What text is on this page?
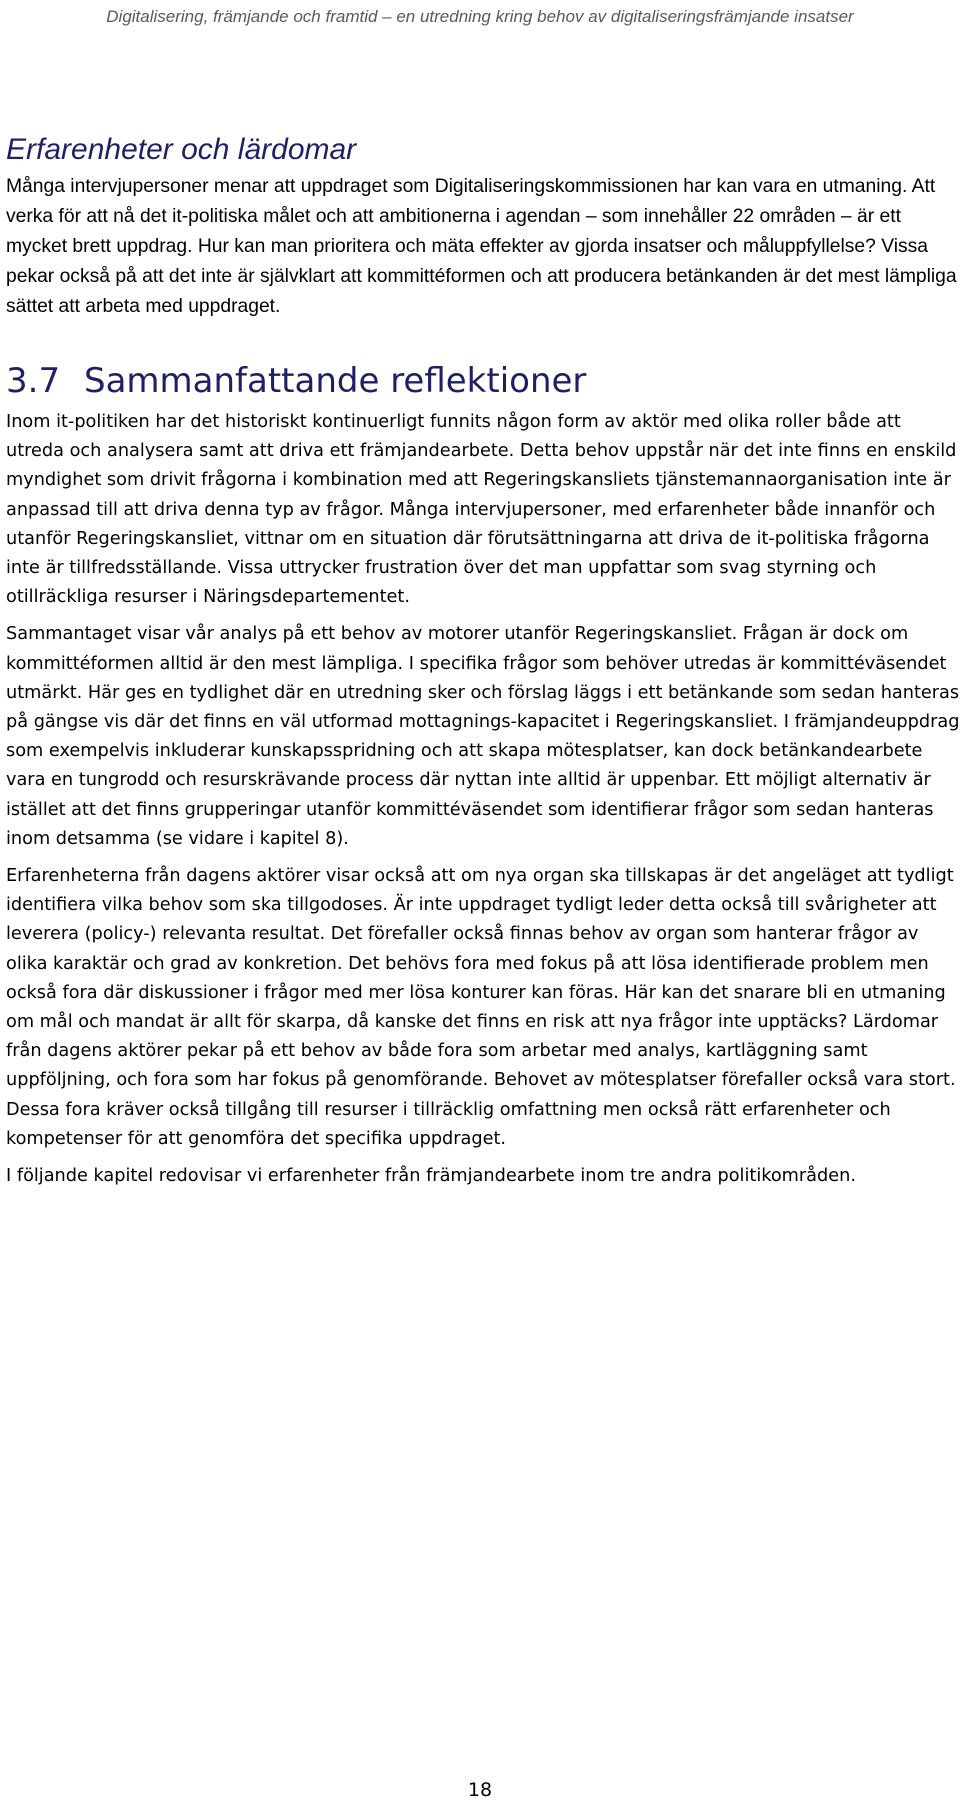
Digitalisering, främjande och framtid – en utredning kring behov av digitaliseringsfrämjande insatser
Erfarenheter och lärdomar

Många intervjupersoner menar att uppdraget som Digitaliseringskommissionen har kan vara en utmaning. Att verka för att nå det it-politiska målet och att ambitionerna i agendan – som innehåller 22 områden – är ett mycket brett uppdrag. Hur kan man prioritera och mäta effekter av gjorda insatser och måluppfyllelse? Vissa pekar också på att det inte är självklart att kommittéformen och att producera betänkanden är det mest lämpliga sättet att arbeta med uppdraget.

3.7 Sammanfattande reflektioner

Inom it-politiken har det historiskt kontinuerligt funnits någon form av aktör med olika roller både att utreda och analysera samt att driva ett främjandearbete. Detta behov uppstår när det inte finns en enskild myndighet som drivit frågorna i kombination med att Regeringskansliets tjänstemannaorganisation inte är anpassad till att driva denna typ av frågor. Många intervjupersoner, med erfarenheter både innanför och utanför Regeringskansliet, vittnar om en situation där förutsättningarna att driva de it-politiska frågorna inte är tillfredsställande. Vissa uttrycker frustration över det man uppfattar som svag styrning och otillräckliga resurser i Näringsdepartementet.

Sammantaget visar vår analys på ett behov av motorer utanför Regeringskansliet. Frågan är dock om kommittéformen alltid är den mest lämpliga. I specifika frågor som behöver utredas är kommittéväsendet utmärkt. Här ges en tydlighet där en utredning sker och förslag läggs i ett betänkande som sedan hanteras på gängse vis där det finns en väl utformad mottagnings-kapacitet i Regeringskansliet. I främjandeuppdrag som exempelvis inkluderar kunskapsspridning och att skapa mötesplatser, kan dock betänkandearbete vara en tungrodd och resurskrävande process där nyttan inte alltid är uppenbar. Ett möjligt alternativ är istället att det finns grupperingar utanför kommittéväsendet som identifierar frågor som sedan hanteras inom detsamma (se vidare i kapitel 8).

Erfarenheterna från dagens aktörer visar också att om nya organ ska tillskapas är det angeläget att tydligt identifiera vilka behov som ska tillgodoses. Är inte uppdraget tydligt leder detta också till svårigheter att leverera (policy-) relevanta resultat. Det förefaller också finnas behov av organ som hanterar frågor av olika karaktär och grad av konkretion. Det behövs fora med fokus på att lösa identifierade problem men också fora där diskussioner i frågor med mer lösa konturer kan föras. Här kan det snarare bli en utmaning om mål och mandat är allt för skarpa, då kanske det finns en risk att nya frågor inte upptäcks? Lärdomar från dagens aktörer pekar på ett behov av både fora som arbetar med analys, kartläggning samt uppföljning, och fora som har fokus på genomförande. Behovet av mötesplatser förefaller också vara stort. Dessa fora kräver också tillgång till resurser i tillräcklig omfattning men också rätt erfarenheter och kompetenser för att genomföra det specifika uppdraget.

I följande kapitel redovisar vi erfarenheter från främjandearbete inom tre andra politikområden.

18
